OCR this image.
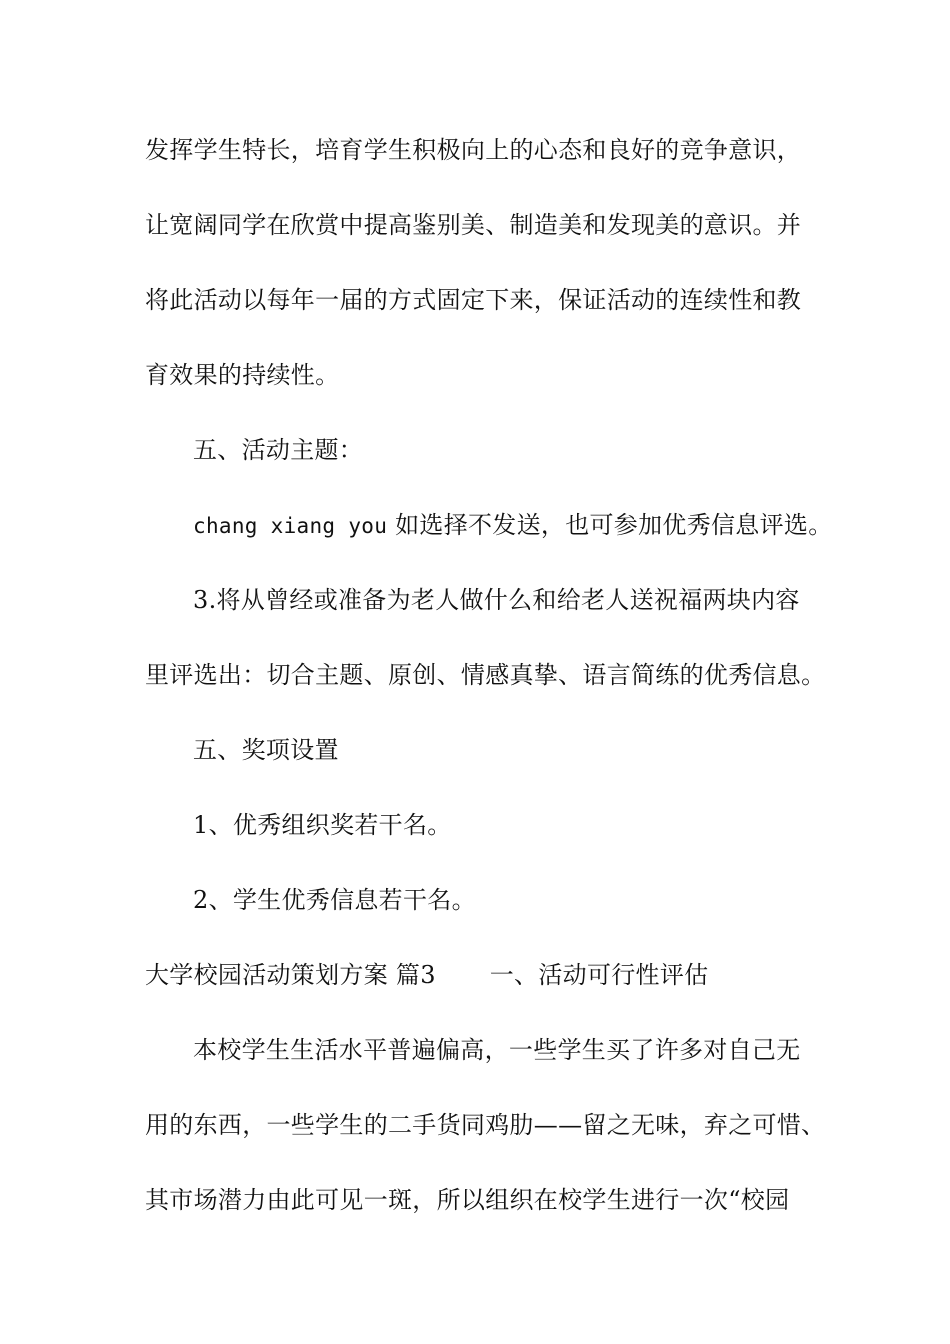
发挥学生特长，培育学生积极向上的心态和良好的竞争意识，
让宽阔同学在欣赏中提高鉴别美、制造美和发现美的意识。并
将此活动以每年一届的方式固定下来，保证活动的连续性和教
育效果的持续性。
五、活动主题：
chang xiang you 如选择不发送，也可参加优秀信息评选。
3.将从曾经或准备为老人做什么和给老人送祝福两块内容
里评选出：切合主题、原创、情感真挚、语言简练的优秀信息。
五、奖项设置
1、优秀组织奖若干名。
2、学生优秀信息若干名。
大学校园活动策划方案 篇3 一、活动可行性评估
本校学生生活水平普遍偏高，一些学生买了许多对自己无
用的东西，一些学生的二手货同鸡肋——留之无味，弃之可惜、
其市场潜力由此可见一斑，所以组织在校学生进行一次“校园
